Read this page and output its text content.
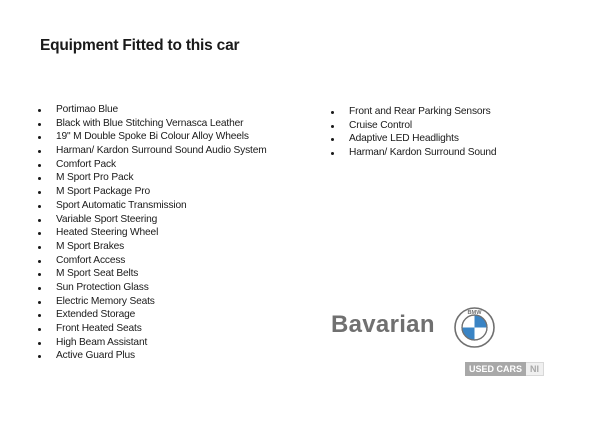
Equipment Fitted to this car
Portimao Blue
Black with Blue Stitching Vernasca Leather
19" M Double Spoke Bi Colour Alloy Wheels
Harman/ Kardon Surround Sound Audio System
Comfort Pack
M Sport Pro Pack
M Sport Package Pro
Sport Automatic Transmission
Variable Sport Steering
Heated Steering Wheel
M Sport Brakes
Comfort Access
M Sport Seat Belts
Sun Protection Glass
Electric Memory Seats
Extended Storage
Front Heated Seats
High Beam Assistant
Active Guard Plus
Front and Rear Parking Sensors
Cruise Control
Adaptive LED Headlights
Harman/ Kardon Surround Sound
Bavarian	BMW
USED CARS NI
